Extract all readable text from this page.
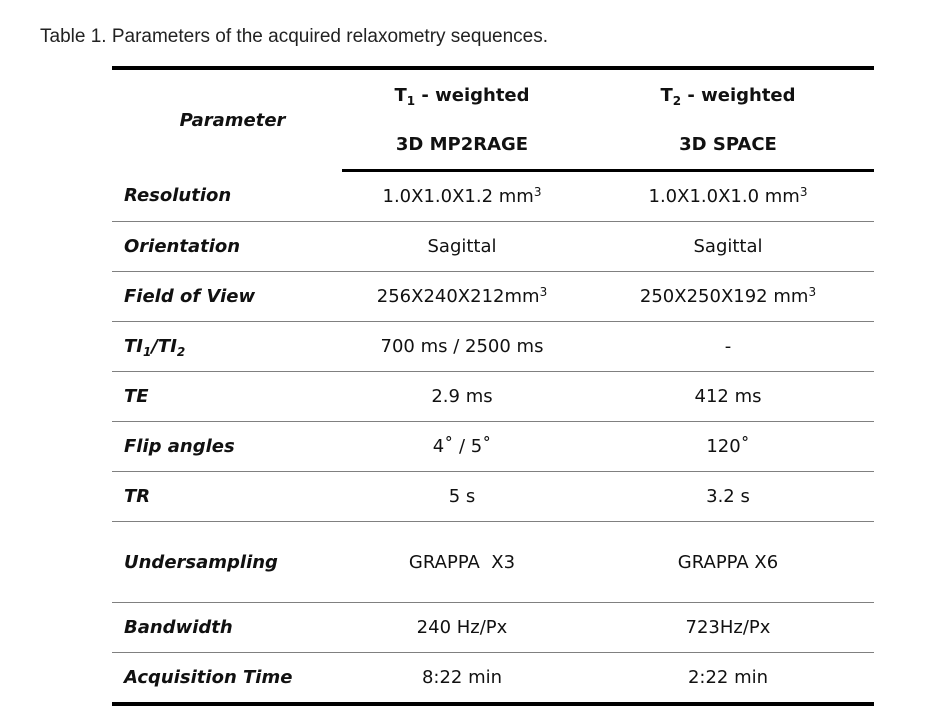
Table 1. Parameters of the acquired relaxometry sequences.

Parameter	$T_1$ - weighted	$T_2$ - weighted
	3D MP2RAGE	3D SPACE
Resolution	1.0X1.0X1.2 $mm^3$	1.0X1.0X1.0 $mm^3$
Orientation	Sagittal	Sagittal
Field of View	$256X240X212mm^3$	250X250X192 $mm^3$
$TI_1/TI_2$	700 ms / 2500 ms	-
TE	2.9 ms	412 ms
Flip angles	4˚ / 5˚	120˚
TR	5 s	3.2 s
Undersampling	GRAPPA  X3	GRAPPA X6
Bandwidth	240 Hz/Px	723Hz/Px
Acquisition Time	8:22 min	2:22 min
